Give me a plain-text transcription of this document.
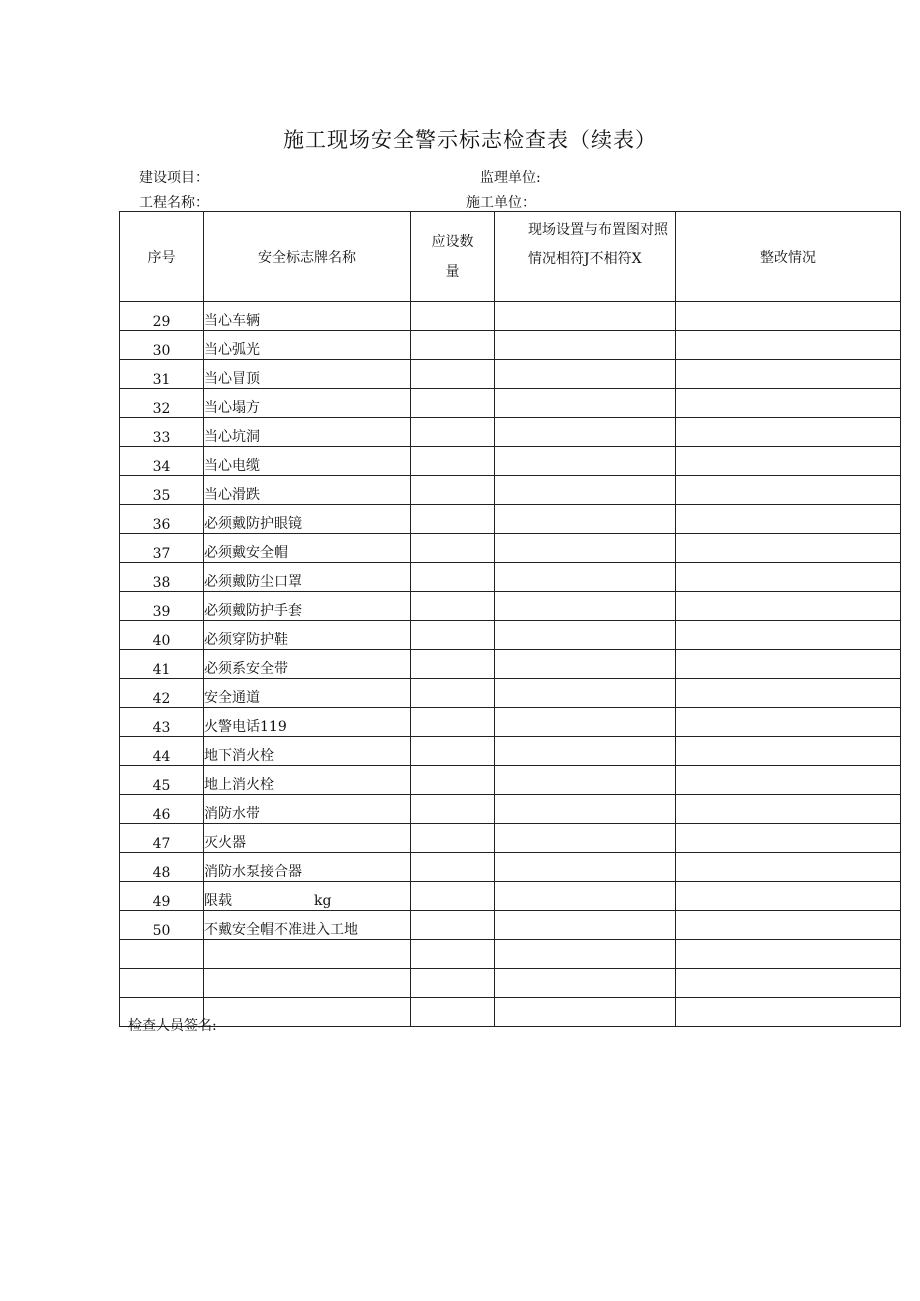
施工现场安全警示标志检查表（续表）
建设项目：	监理单位:
工程名称：	施工单位：
序号	安全标志牌名称	应设数量	现场设置与布置图对照情况相符J不相符X	整改情况
29	当心车辆			
30	当心弧光			
31	当心冒顶			
32	当心塌方			
33	当心坑洞			
34	当心电缆			
35	当心滑跌			
36	必须戴防护眼镜			
37	必须戴安全帽			
38	必须戴防尘口罩			
39	必须戴防护手套			
40	必须穿防护鞋			
41	必须系安全带			
42	安全通道			
43	火警电话119			
44	地下消火栓			
45	地上消火栓			
46	消防水带			
47	灭火器			
48	消防水泵接合器			
49	限载 kg			
50	不戴安全帽不准进入工地			

检查人员签名:
